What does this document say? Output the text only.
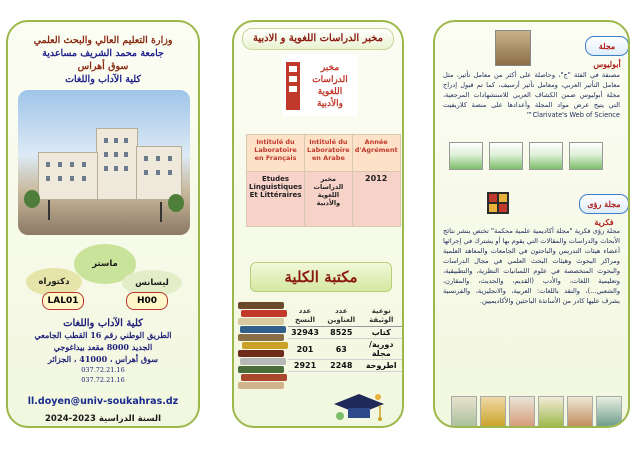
وزارة التعليم العالي والبحث العلمي
جامعة محمد الشريف مساعدية
سوق أهراس
كلية الآداب واللغات
ماستر
دكتوراه	ليسانس
LAL01	H00
كلية الآداب واللغات
الطريق الوطني رقم 16 القطب الجامعي
الجديد 8000 مقعد بيداغوجي
سوق أهراس ، 41000 ، الجزائر
037.72.21.16
037.72.21.16
ll.doyen@univ-soukahras.dz
السنة الدراسية 2023-2024
مخبر الدراسات اللغوية و الادبية
مخبر
الدراسات
اللغوية
والأدبية
Intitulé du Laboratoire en Français	Intitulé du Laboratoire en Arabe	Année d'Agrément
Etudes Linguistiques Et Littéraires	مخبر الدراسات اللغوية والأدبية	2012
مكتبة الكلية
نوعية الوثيقة	عدد العناوين	عدد النسخ
كتاب	8525	32943
دورية/مجلة	63	201
اطروحة	2248	2921
مجلة أبوليوس
مصنفة في الفئة "ج"، وحاصلة على أكثر من معامل تأثير، مثل معامل التأثير العربي، ومعامل تأثير أرسيف، كما تم قبول إدراج مجلة أبوليوس ضمن الكشاف العربي للاستشهادات المرجعية، التي يتيح عرض مواد المجلة وأعدادها على منصة كلاريفيت Clarivate's Web of Science™
مجلة رؤى فكرية
مجلة رؤى فكرية "مجلة أكاديمية علمية محكمة" تختص بنشر نتائج الأبحاث والدراسات والمقالات التي يقوم بها أو يشترك في إجرائها أعضاء هيئات التدريس والباحثون في الجامعات والمعاهد العلمية ومراكز البحوث وهيئات البحث العلمي في مجال الدراسات والبحوث المتخصصة في علوم اللسانيات النظرية، والتطبيقية، وتعليمية اللغات، والأدب (القديم، والحديث، والمقارن، والشعبي...)، والنقد باللغات: العربية، والانجليزية، والفرنسية بشرف عليها كادر من الأساتذة الباحثين والأكاديميين.
